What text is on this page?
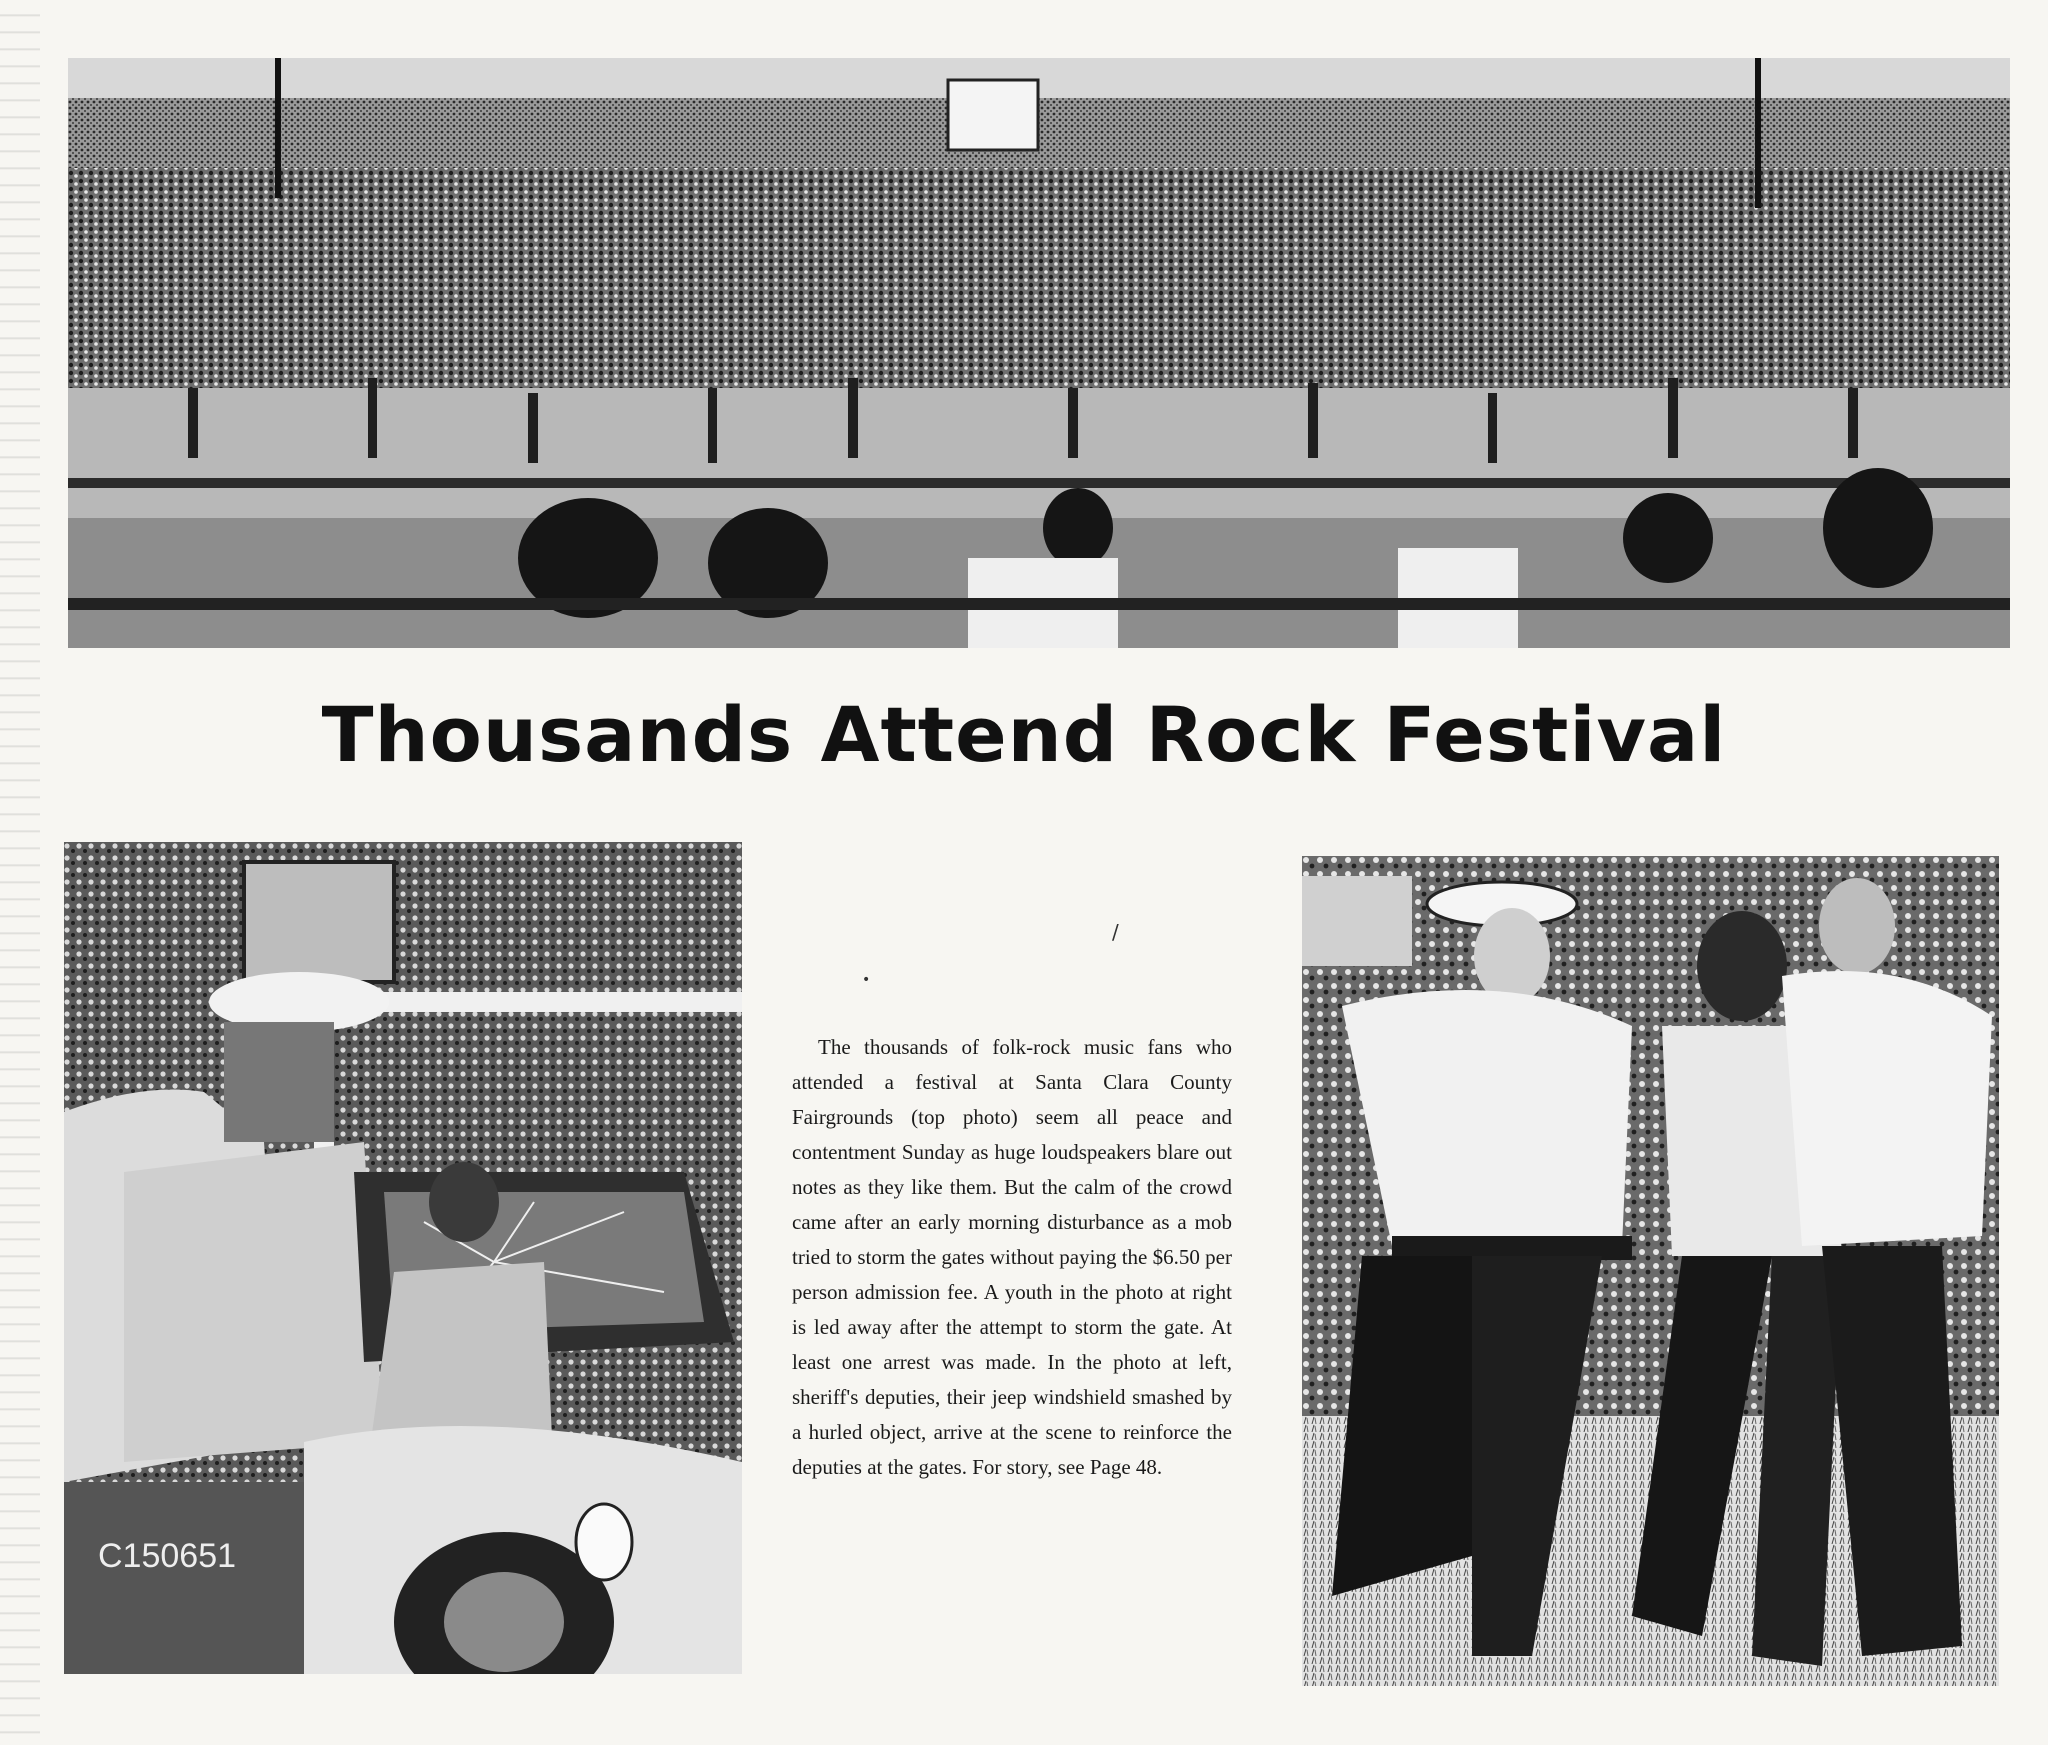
Thousands Attend Rock Festival
C150651
The thousands of folk-rock music fans who attended a festival at Santa Clara County Fairgrounds (top photo) seem all peace and contentment Sunday as huge loudspeakers blare out notes as they like them. But the calm of the crowd came after an early morning disturbance as a mob tried to storm the gates without paying the $6.50 per person admission fee. A youth in the photo at right is led away after the attempt to storm the gate. At least one arrest was made. In the photo at left, sheriff's deputies, their jeep windshield smashed by a hurled object, arrive at the scene to reinforce the deputies at the gates. For story, see Page 48.
/
•
